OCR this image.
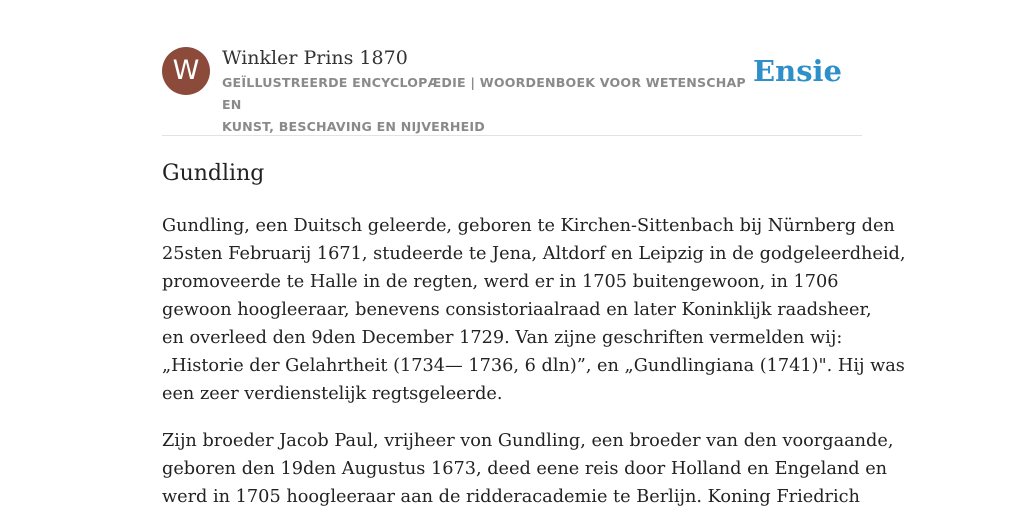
W	Winkler Prins 1870
GEÏLLUSTREERDE ENCYCLOPÆDIE | WOORDENBOEK VOOR WETENSCHAP EN
KUNST, BESCHAVING EN NIJVERHEID
Ensie
Gundling

Gundling, een Duitsch geleerde, geboren te Kirchen-Sittenbach bij Nürnberg den
25sten Februarij 1671, studeerde te Jena, Altdorf en Leipzig in de godgeleerdheid,
promoveerde te Halle in de regten, werd er in 1705 buitengewoon, in 1706
gewoon hoogleeraar, benevens consistoriaalraad en later Koninklijk raadsheer,
en overleed den 9den December 1729. Van zijne geschriften vermelden wij:
„Historie der Gelahrtheit (1734— 1736, 6 dln)”, en „Gundlingiana (1741)". Hij was
een zeer verdienstelijk regtsgeleerde.

Zijn broeder Jacob Paul, vrijheer von Gundling, een broeder van den voorgaande,
geboren den 19den Augustus 1673, deed eene reis door Holland en Engeland en
werd in 1705 hoogleeraar aan de ridderacademie te Berlijn. Koning Friedrich
